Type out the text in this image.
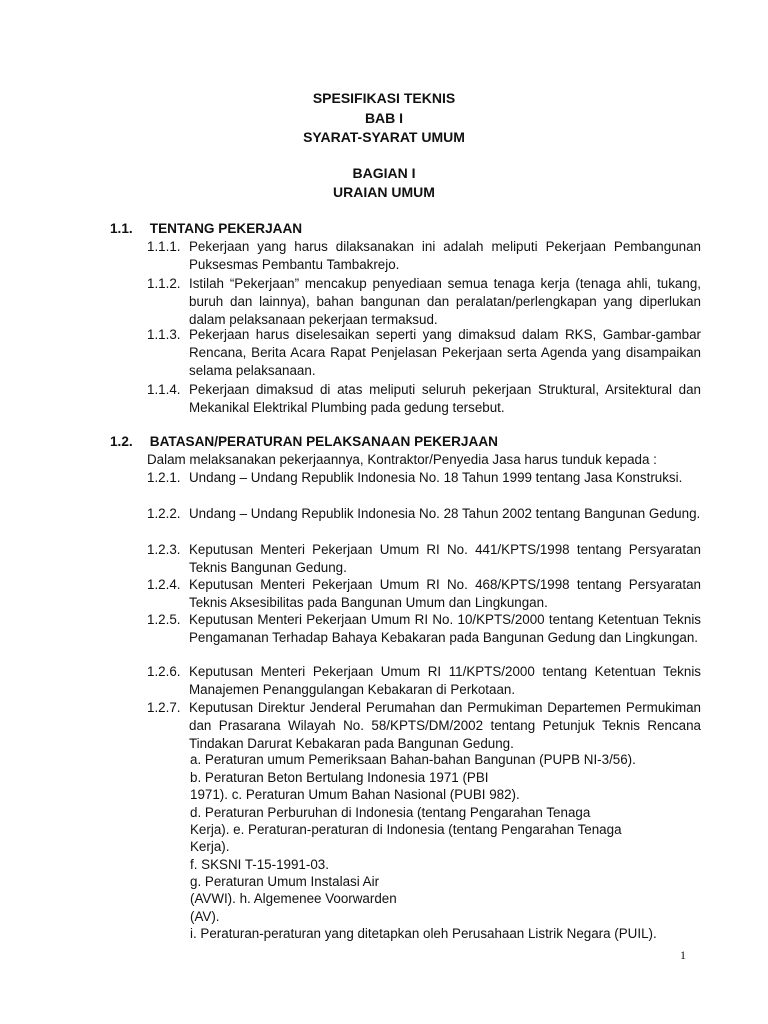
SPESIFIKASI TEKNIS
BAB I
SYARAT-SYARAT UMUM
BAGIAN I
URAIAN UMUM
1.1. TENTANG PEKERJAAN
1.1.1. Pekerjaan yang harus dilaksanakan ini adalah meliputi Pekerjaan Pembangunan Puksesmas Pembantu Tambakrejo.
1.1.2. Istilah “Pekerjaan” mencakup penyediaan semua tenaga kerja (tenaga ahli, tukang, buruh dan lainnya), bahan bangunan dan peralatan/perlengkapan yang diperlukan dalam pelaksanaan pekerjaan termaksud.
1.1.3. Pekerjaan harus diselesaikan seperti yang dimaksud dalam RKS, Gambar-gambar Rencana, Berita Acara Rapat Penjelasan Pekerjaan serta Agenda yang disampaikan selama pelaksanaan.
1.1.4. Pekerjaan dimaksud di atas meliputi seluruh pekerjaan Struktural, Arsitektural dan Mekanikal Elektrikal Plumbing pada gedung tersebut.
1.2. BATASAN/PERATURAN PELAKSANAAN PEKERJAAN
Dalam melaksanakan pekerjaannya, Kontraktor/Penyedia Jasa harus tunduk kepada :
1.2.1. Undang – Undang Republik Indonesia No. 18 Tahun 1999 tentang Jasa Konstruksi.
1.2.2. Undang – Undang Republik Indonesia No. 28 Tahun 2002 tentang Bangunan Gedung.
1.2.3. Keputusan Menteri Pekerjaan Umum RI No. 441/KPTS/1998 tentang Persyaratan Teknis Bangunan Gedung.
1.2.4. Keputusan Menteri Pekerjaan Umum RI No. 468/KPTS/1998 tentang Persyaratan Teknis Aksesibilitas pada Bangunan Umum dan Lingkungan.
1.2.5. Keputusan Menteri Pekerjaan Umum RI No. 10/KPTS/2000 tentang Ketentuan Teknis Pengamanan Terhadap Bahaya Kebakaran pada Bangunan Gedung dan Lingkungan.
1.2.6. Keputusan Menteri Pekerjaan Umum RI 11/KPTS/2000 tentang Ketentuan Teknis Manajemen Penanggulangan Kebakaran di Perkotaan.
1.2.7. Keputusan Direktur Jenderal Perumahan dan Permukiman Departemen Permukiman dan Prasarana Wilayah No. 58/KPTS/DM/2002 tentang Petunjuk Teknis Rencana Tindakan Darurat Kebakaran pada Bangunan Gedung.
a. Peraturan umum Pemeriksaan Bahan-bahan Bangunan (PUPB NI-3/56).
b. Peraturan Beton Bertulang Indonesia 1971 (PBI
1971). c. Peraturan Umum Bahan Nasional (PUBI 982).
d. Peraturan Perburuhan di Indonesia (tentang Pengarahan Tenaga
Kerja). e. Peraturan-peraturan di Indonesia (tentang Pengarahan Tenaga
Kerja).
f. SKSNI T-15-1991-03.
g. Peraturan Umum Instalasi Air
(AVWI). h. Algemenee Voorwarden
(AV).
i. Peraturan-peraturan yang ditetapkan oleh Perusahaan Listrik Negara (PUIL).
1
